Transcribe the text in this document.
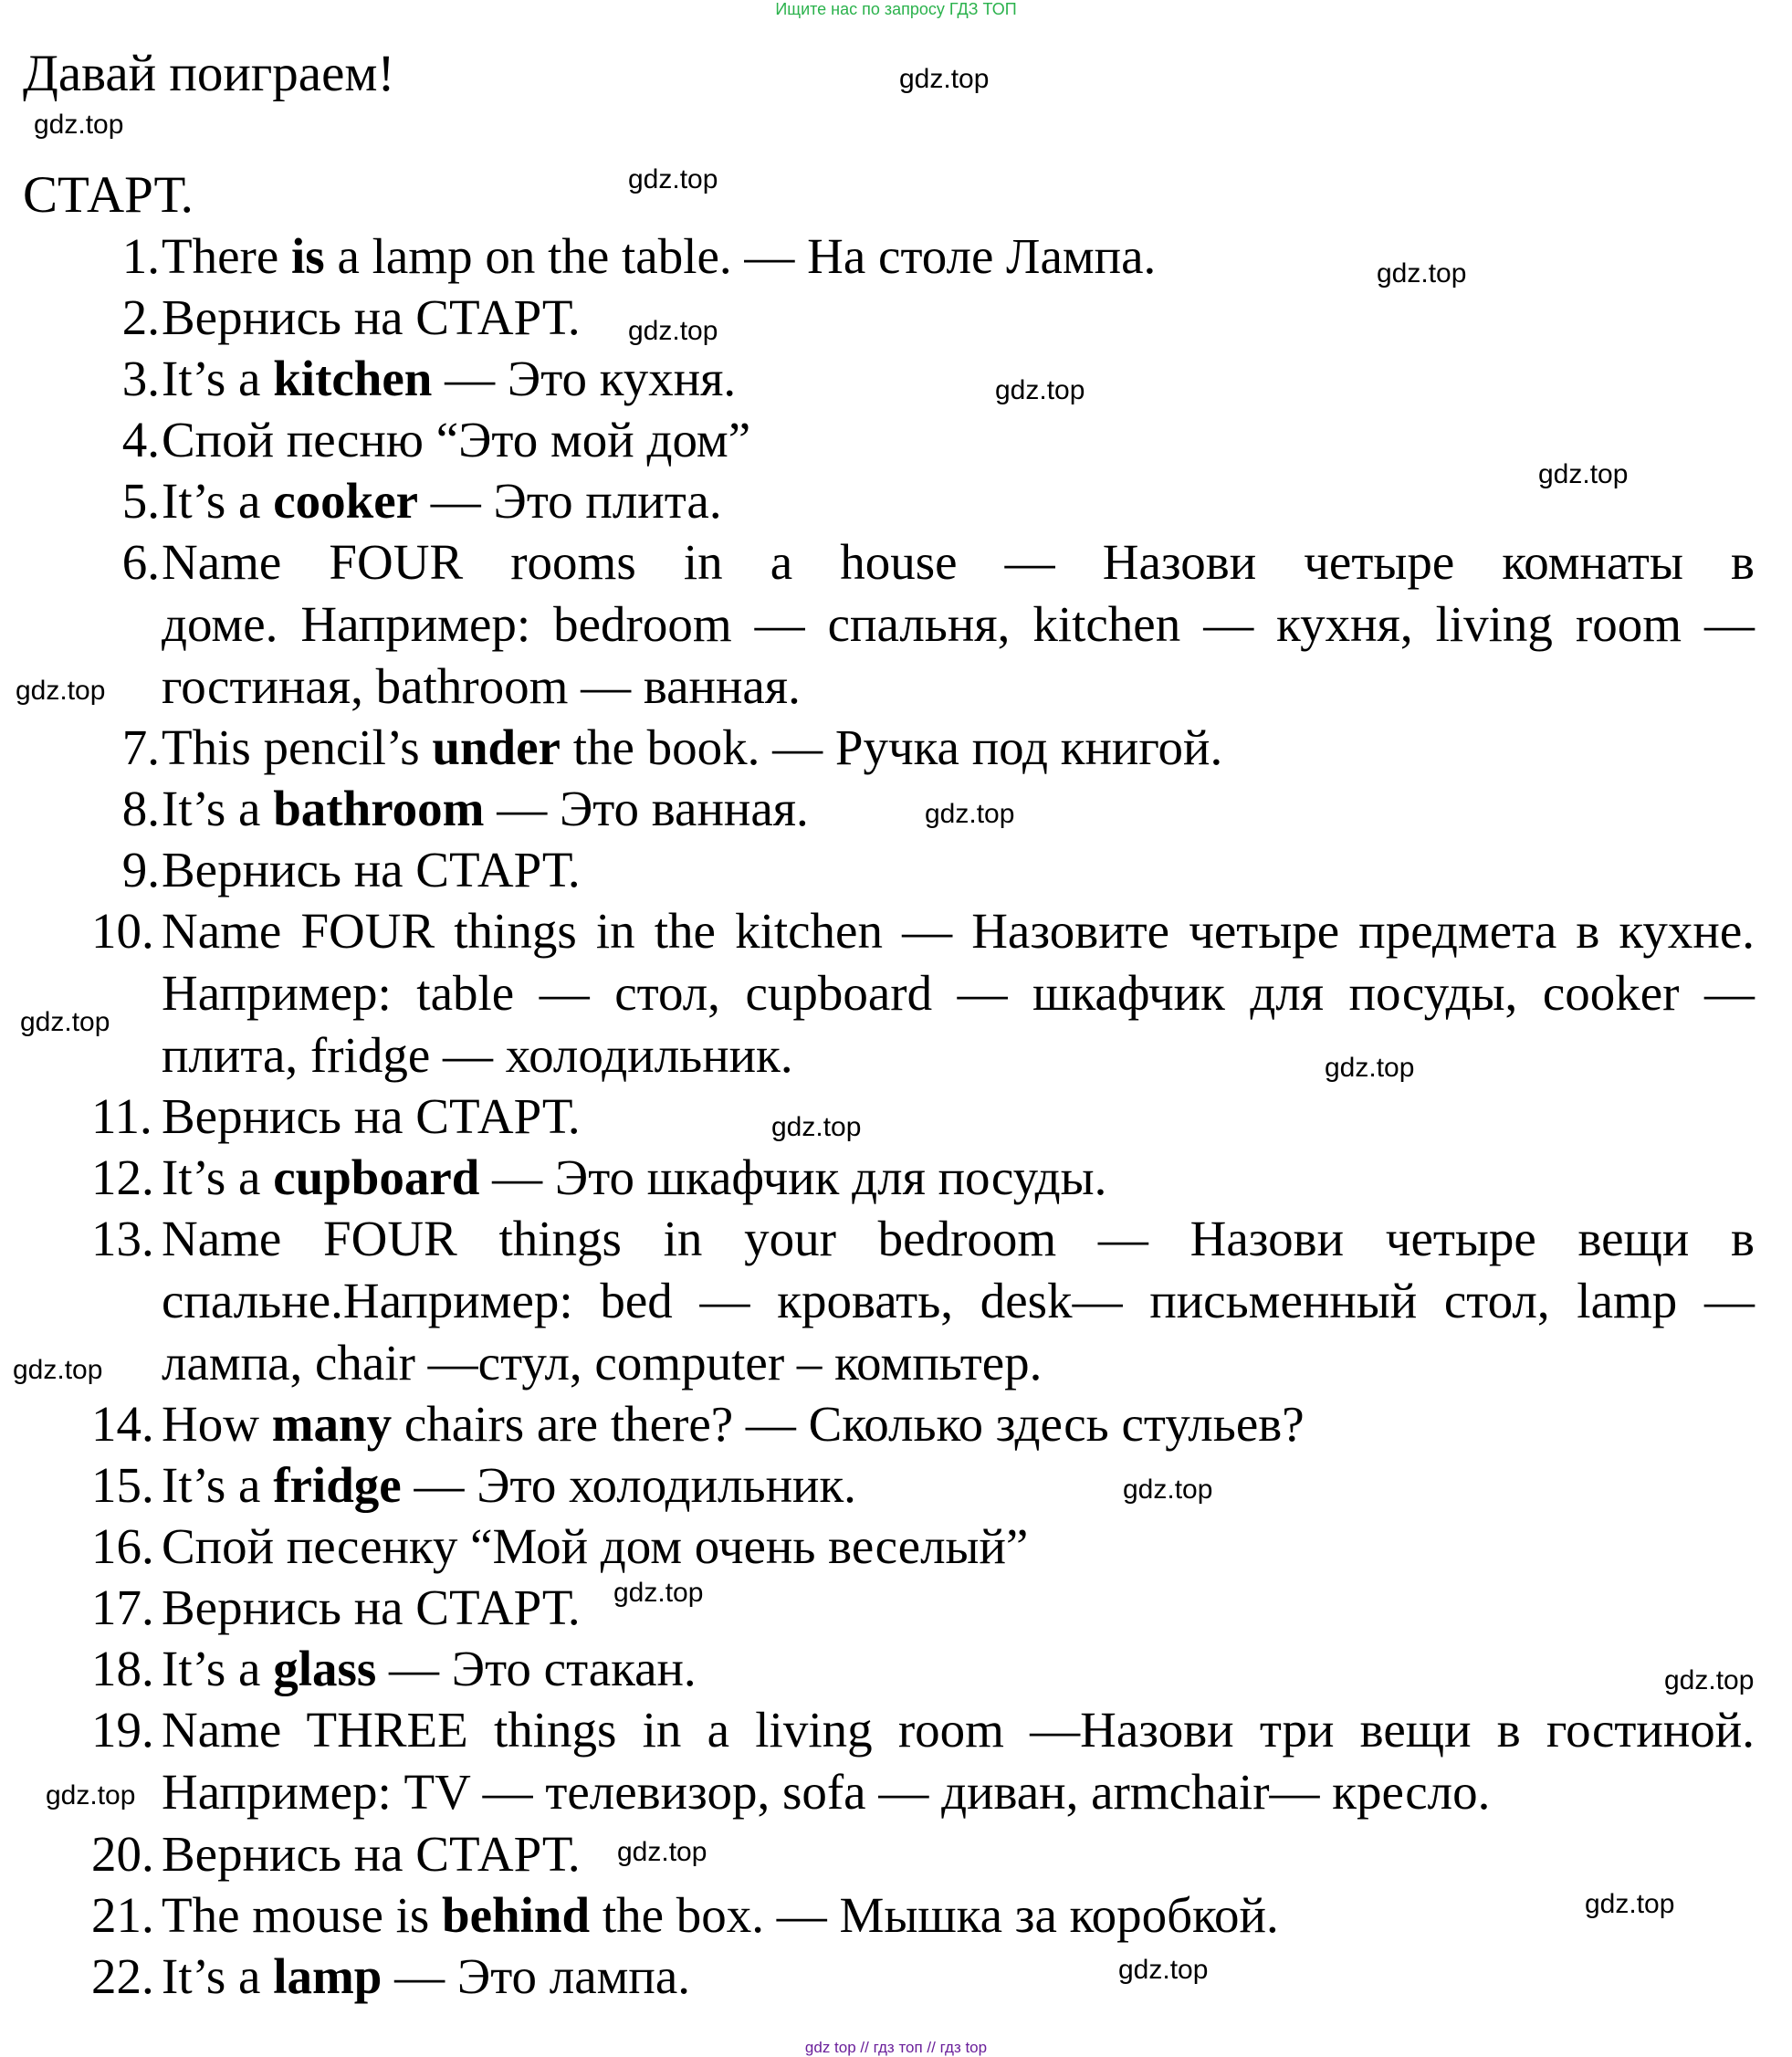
Ищите нас по запросу ГДЗ ТОП
Давай поиграем!
СТАРТ.
1. There is a lamp on the table. — На столе Лампа.
2. Вернись на СТАРТ.
3. It’s a kitchen — Это кухня.
4. Спой песню “Это мой дом”
5. It’s a cooker — Это плита.
6. Name FOUR rooms in a house — Назови четыре комнаты в
доме. Например: bedroom — спальня, kitchen — кухня, living room —
гостиная, bathroom — ванная.
7. This pencil’s under the book. — Ручка под книгой.
8. It’s a bathroom — Это ванная.
9. Вернись на СТАРТ.
10. Name FOUR things in the kitchen — Назовите четыре предмета в кухне.
Например: table — стол, cupboard — шкафчик для посуды, cooker —
плита, fridge — холодильник.
11. Вернись на СТАРТ.
12. It’s a cupboard — Это шкафчик для посуды.
13. Name FOUR things in your bedroom — Назови четыре вещи в
спальне.Например: bed — кровать, desk— письменный стол, lamp —
лампа, chair —стул, computer – компьтер.
14. How many chairs are there? — Сколько здесь стульев?
15. It’s a fridge — Это холодильник.
16. Спой песенку “Мой дом очень веселый”
17. Вернись на СТАРТ.
18. It’s a glass — Это стакан.
19. Name THREE things in a living room —Назови три вещи в гостиной.
Например: TV — телевизор, sofa — диван, armchair— кресло.
20. Вернись на СТАРТ.
21. The mouse is behind the box. — Мышка за коробкой.
22. It’s a lamp — Это лампа.
gdz.top
gdz.top
gdz.top
gdz.top
gdz.top
gdz.top
gdz.top
gdz.top
gdz.top
gdz.top
gdz.top
gdz.top
gdz.top
gdz.top
gdz.top
gdz.top
gdz.top
gdz.top
gdz.top
gdz.top
gdz top // гдз топ // гдз top
